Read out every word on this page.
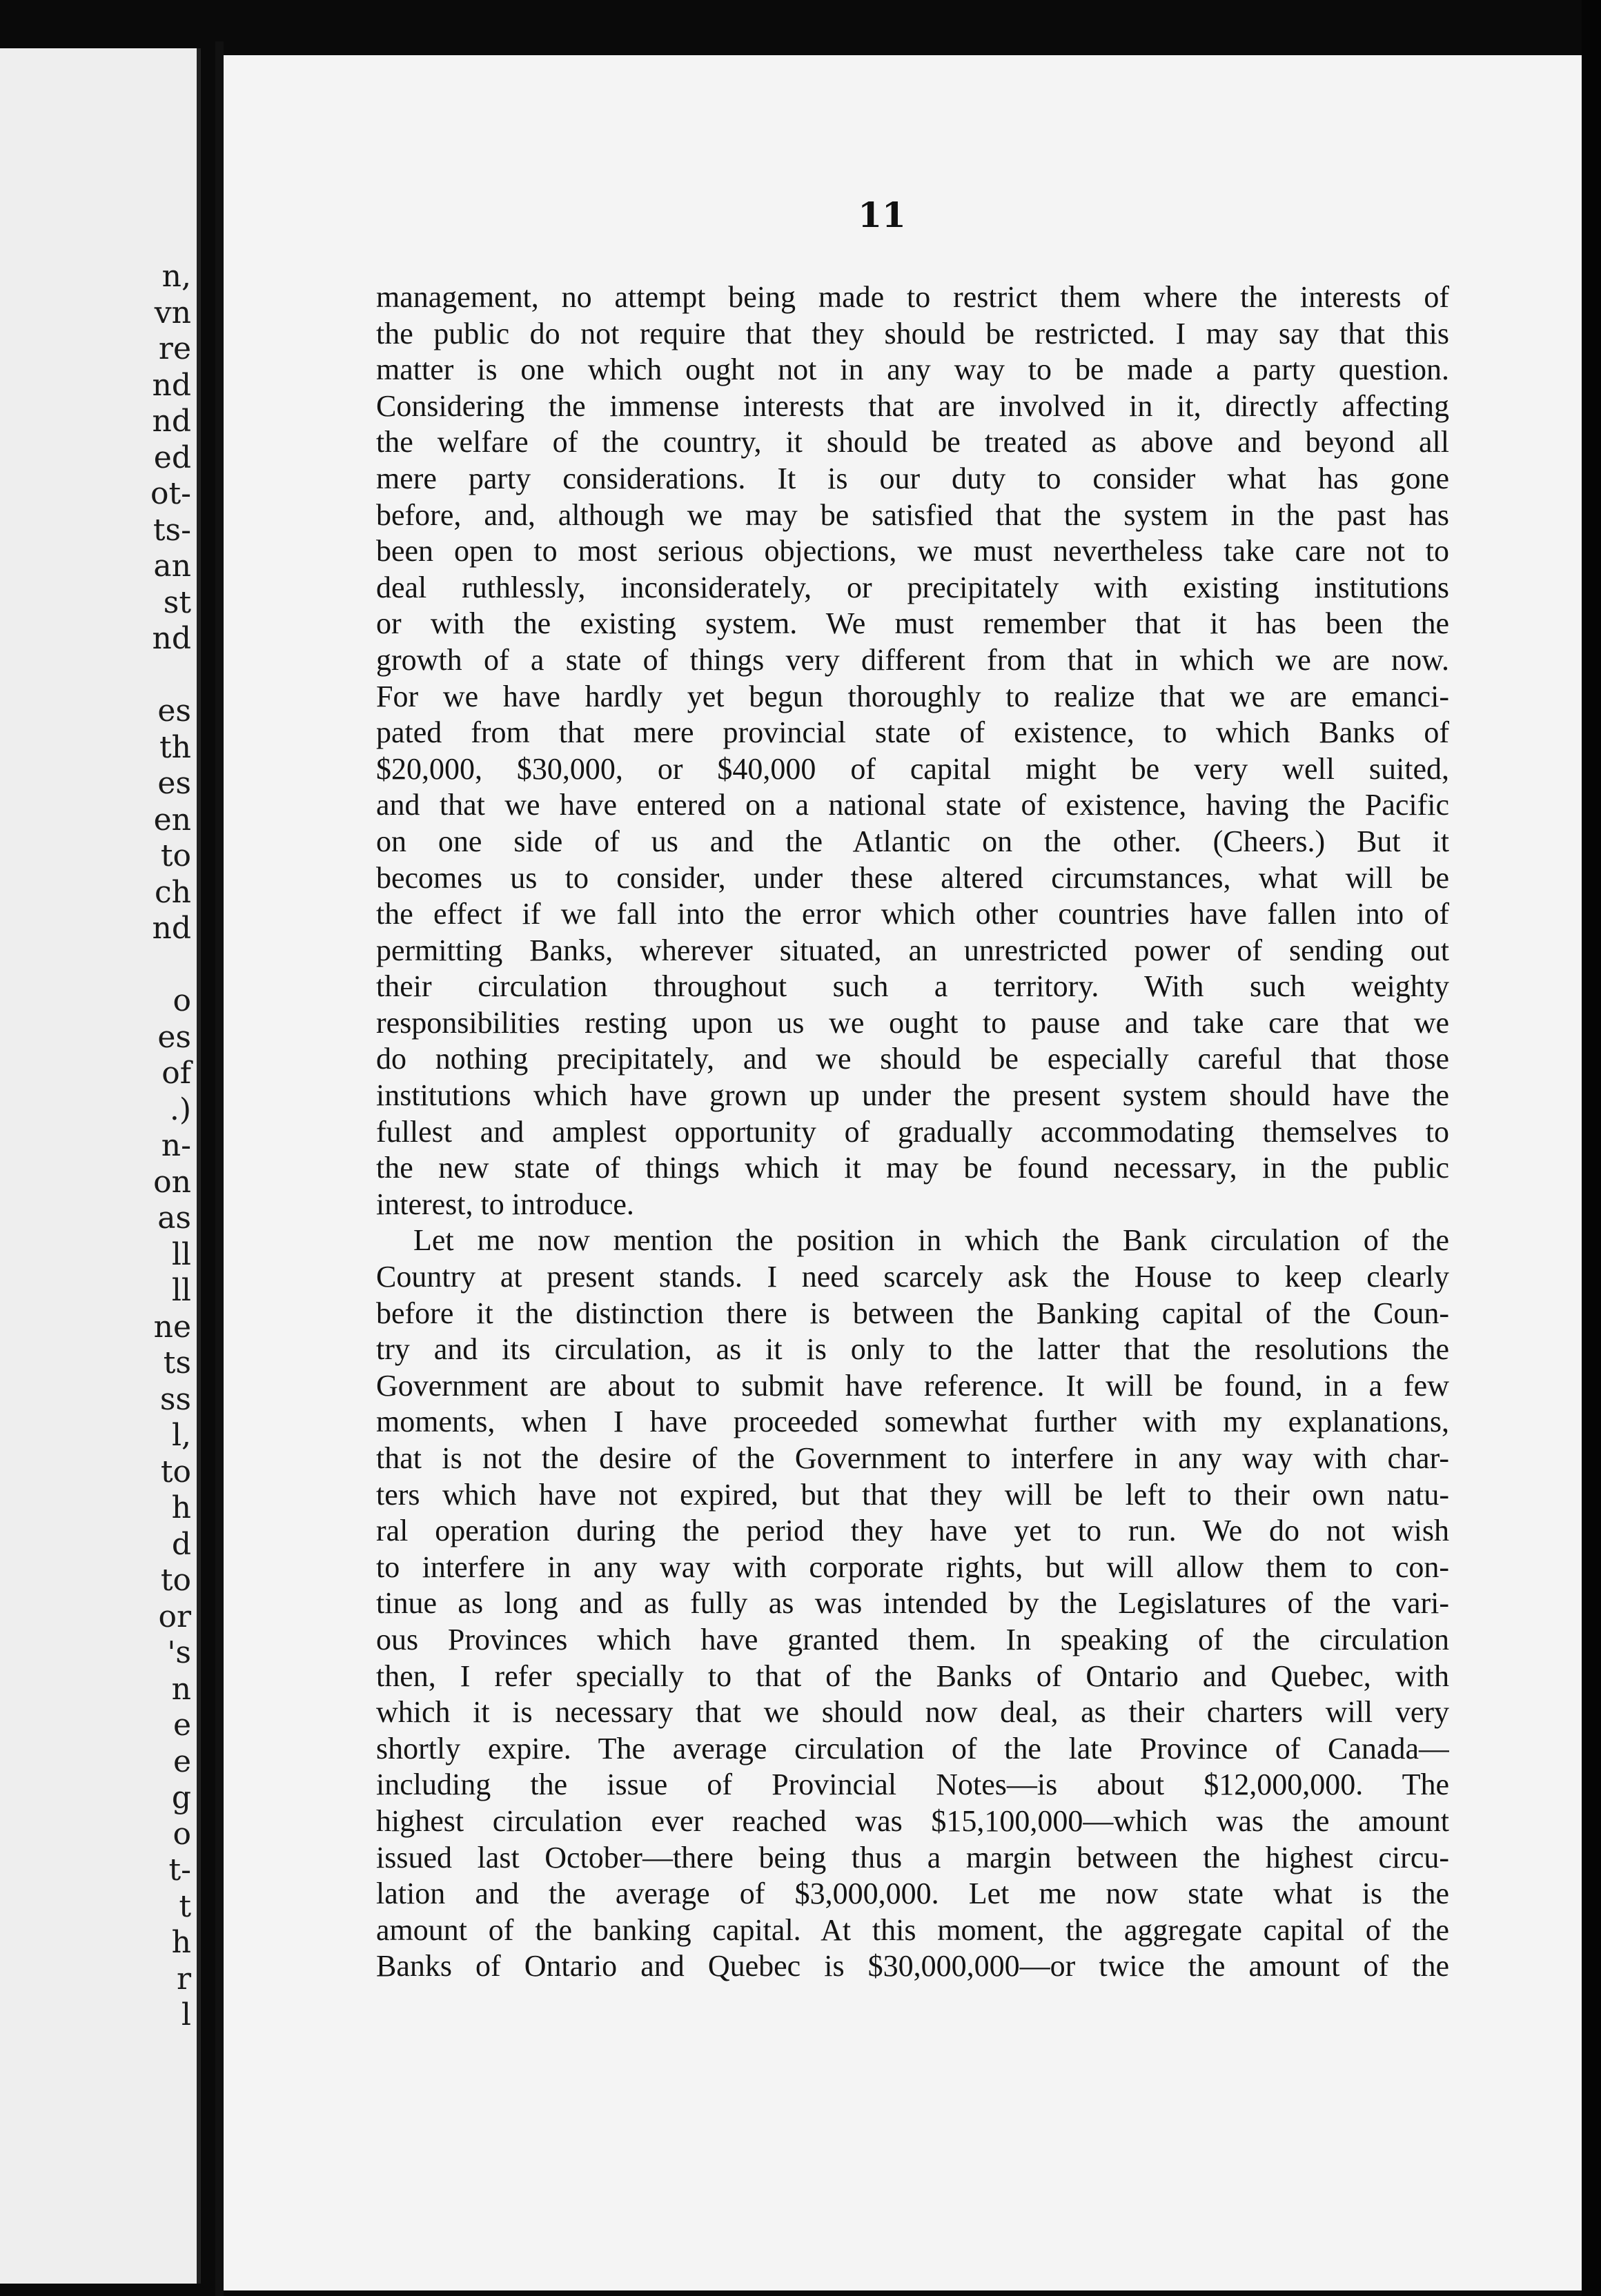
n,
vn
re
nd
nd
ed
ot-
ts-
an
st
nd
es
th
es
en
to
ch
nd
o
es
of
.)
n-
on
as
ll
ll
ne
ts
ss
l,
to
h
d
to
or
's
n
e
e
g
o
t-
t
h
r
l
11
management, no attempt being made to restrict them where the interests of
the public do not require that they should be restricted. I may say that this
matter is one which ought not in any way to be made a party question.
Considering the immense interests that are involved in it, directly affecting
the welfare of the country, it should be treated as above and beyond all
mere party considerations. It is our duty to consider what has gone
before, and, although we may be satisfied that the system in the past has
been open to most serious objections, we must nevertheless take care not to
deal ruthlessly, inconsiderately, or precipitately with existing institutions
or with the existing system. We must remember that it has been the
growth of a state of things very different from that in which we are now.
For we have hardly yet begun thoroughly to realize that we are emanci-
pated from that mere provincial state of existence, to which Banks of
$20,000, $30,000, or $40,000 of capital might be very well suited,
and that we have entered on a national state of existence, having the Pacific
on one side of us and the Atlantic on the other. (Cheers.) But it
becomes us to consider, under these altered circumstances, what will be
the effect if we fall into the error which other countries have fallen into of
permitting Banks, wherever situated, an unrestricted power of sending out
their circulation throughout such a territory. With such weighty
responsibilities resting upon us we ought to pause and take care that we
do nothing precipitately, and we should be especially careful that those
institutions which have grown up under the present system should have the
fullest and amplest opportunity of gradually accommodating themselves to
the new state of things which it may be found necessary, in the public
interest, to introduce.
Let me now mention the position in which the Bank circulation of the
Country at present stands. I need scarcely ask the House to keep clearly
before it the distinction there is between the Banking capital of the Coun-
try and its circulation, as it is only to the latter that the resolutions the
Government are about to submit have reference. It will be found, in a few
moments, when I have proceeded somewhat further with my explanations,
that is not the desire of the Government to interfere in any way with char-
ters which have not expired, but that they will be left to their own natu-
ral operation during the period they have yet to run. We do not wish
to interfere in any way with corporate rights, but will allow them to con-
tinue as long and as fully as was intended by the Legislatures of the vari-
ous Provinces which have granted them. In speaking of the circulation
then, I refer specially to that of the Banks of Ontario and Quebec, with
which it is necessary that we should now deal, as their charters will very
shortly expire. The average circulation of the late Province of Canada—
including the issue of Provincial Notes—is about $12,000,000. The
highest circulation ever reached was $15,100,000—which was the amount
issued last October—there being thus a margin between the highest circu-
lation and the average of $3,000,000. Let me now state what is the
amount of the banking capital. At this moment, the aggregate capital of the
Banks of Ontario and Quebec is $30,000,000—or twice the amount of the
